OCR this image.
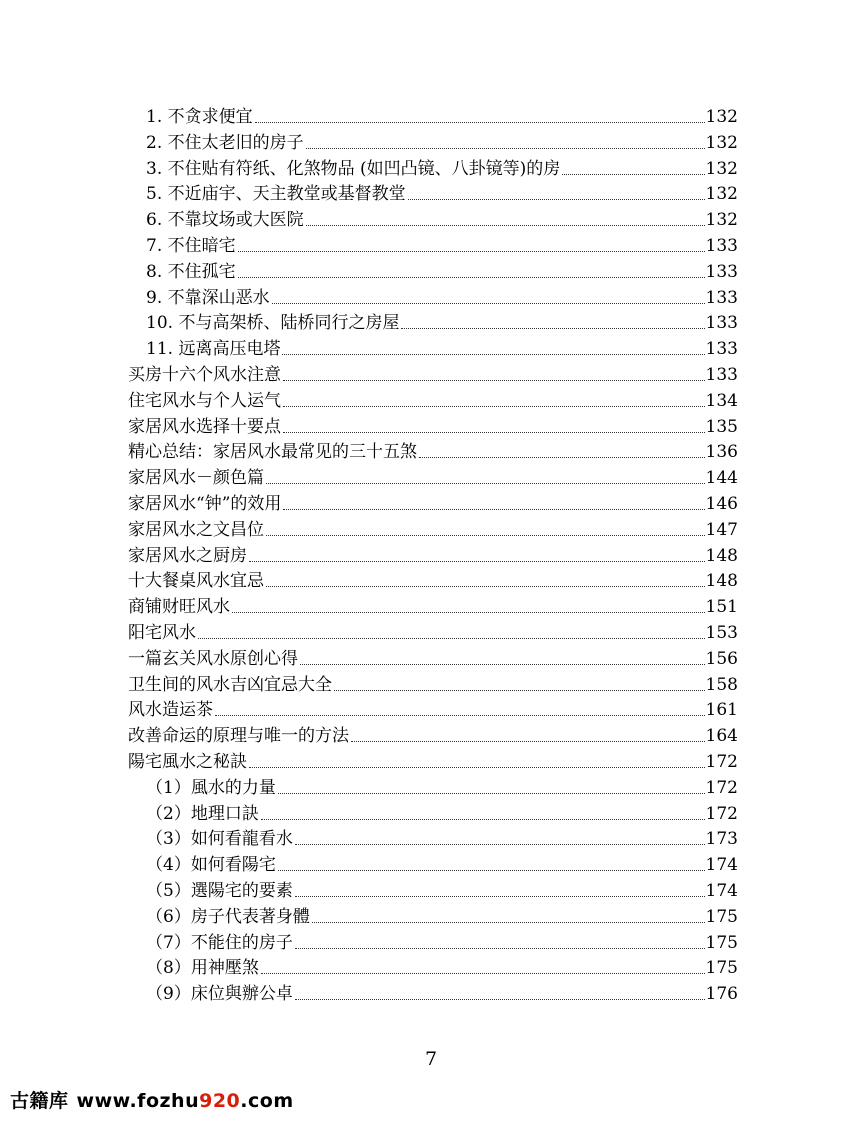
1. 不贪求便宜	132
2. 不住太老旧的房子	132
3. 不住贴有符纸、化煞物品 (如凹凸镜、八卦镜等)的房	132
5. 不近庙宇、天主教堂或基督教堂	132
6. 不靠坟场或大医院	132
7. 不住暗宅	133
8. 不住孤宅	133
9. 不靠深山恶水	133
10. 不与高架桥、陆桥同行之房屋	133
11. 远离高压电塔	133
买房十六个风水注意	133
住宅风水与个人运气	134
家居风水选择十要点	135
精心总结：家居风水最常见的三十五煞	136
家居风水－颜色篇	144
家居风水“钟”的效用	146
家居风水之文昌位	147
家居风水之厨房	148
十大餐桌风水宜忌	148
商铺财旺风水	151
阳宅风水	153
一篇玄关风水原创心得	156
卫生间的风水吉凶宜忌大全	158
风水造运茶	161
改善命运的原理与唯一的方法	164
陽宅風水之秘訣	172
（1）風水的力量	172
（2）地理口訣	172
（3）如何看龍看水	173
（4）如何看陽宅	174
（5）選陽宅的要素	174
（6）房子代表著身體	175
（7）不能住的房子	175
（8）用神壓煞	175
（9）床位與辦公卓	176
7
古籍库 www.fozhu920.com
